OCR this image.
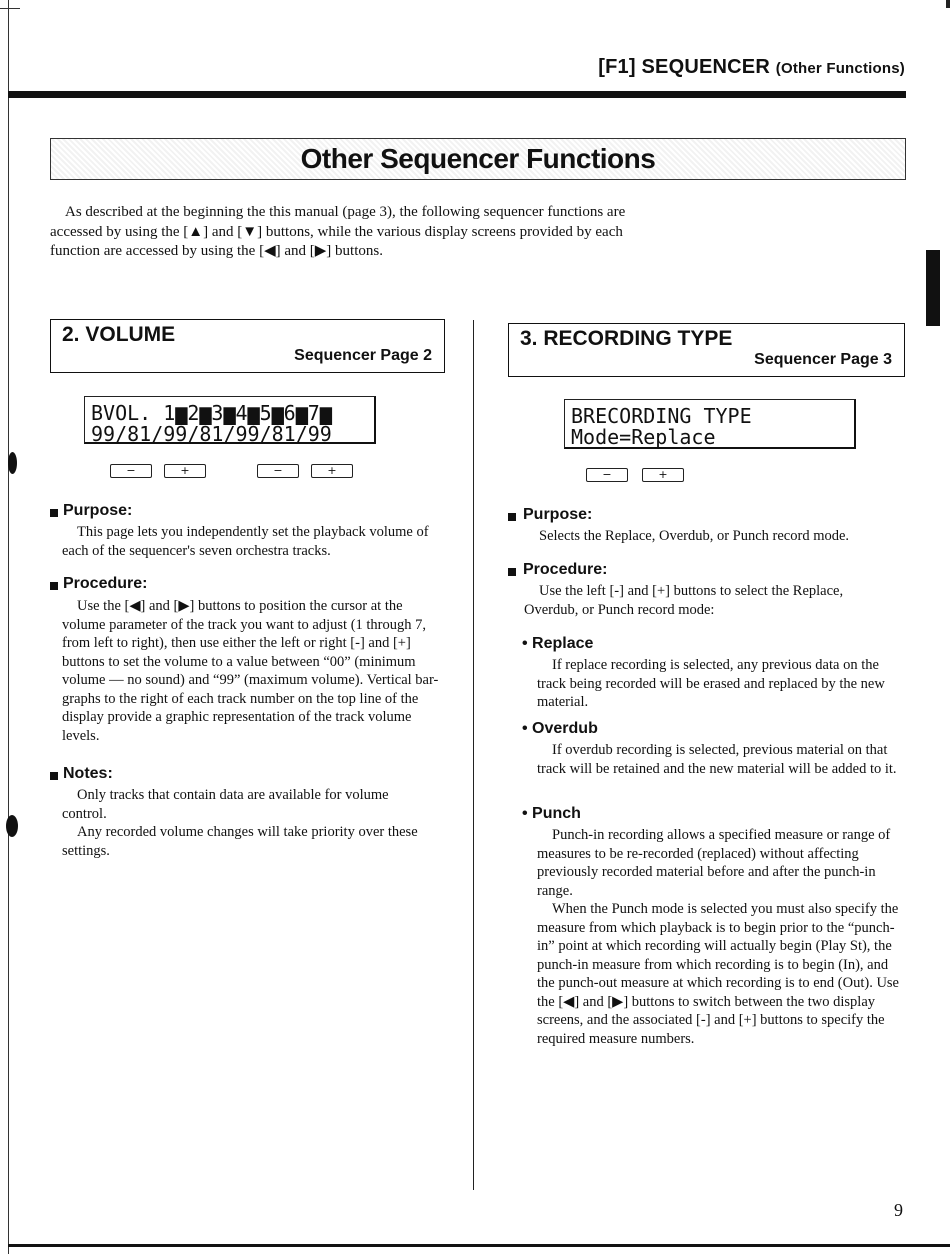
[F1] SEQUENCER (Other Functions)
Other Sequencer Functions

As described at the beginning the this manual (page 3), the following sequencer functions are accessed by using the [▲] and [▼] buttons, while the various display screens provided by each function are accessed by using the [◀] and [▶] buttons.

2. VOLUME
Sequencer Page 2
BVOL. 1▆2▆3▆4▆5▆6▆7▆
99/81/99/81/99/81/99
−	+	−	+
Purpose:

This page lets you independently set the playback volume of each of the sequencer's seven orchestra tracks.

Procedure:

Use the [◀] and [▶] buttons to position the cursor at the volume parameter of the track you want to adjust (1 through 7, from left to right), then use either the left or right [-] and [+] buttons to set the volume to a value between “00” (minimum volume — no sound) and “99” (maximum volume). Vertical bar-graphs to the right of each track number on the top line of the display provide a graphic representation of the track volume levels.

Notes:

Only tracks that contain data are available for volume control.

Any recorded volume changes will take priority over these settings.

3. RECORDING TYPE
Sequencer Page 3
BRECORDING TYPE
Mode=Replace
−	+
Purpose:

Selects the Replace, Overdub, or Punch record mode.

Procedure:

Use the left [-] and [+] buttons to select the Replace, Overdub, or Punch record mode:

• Replace

If replace recording is selected, any previous data on the track being recorded will be erased and replaced by the new material.

• Overdub

If overdub recording is selected, previous material on that track will be retained and the new material will be added to it.

• Punch

Punch-in recording allows a specified measure or range of measures to be re-recorded (replaced) without affecting previously recorded material before and after the punch-in range.

When the Punch mode is selected you must also specify the measure from which playback is to begin prior to the “punch-in” point at which recording will actually begin (Play St), the punch-in measure from which recording is to begin (In), and the punch-out measure at which recording is to end (Out). Use the [◀] and [▶] buttons to switch between the two display screens, and the associated [-] and [+] buttons to specify the required measure numbers.

9
